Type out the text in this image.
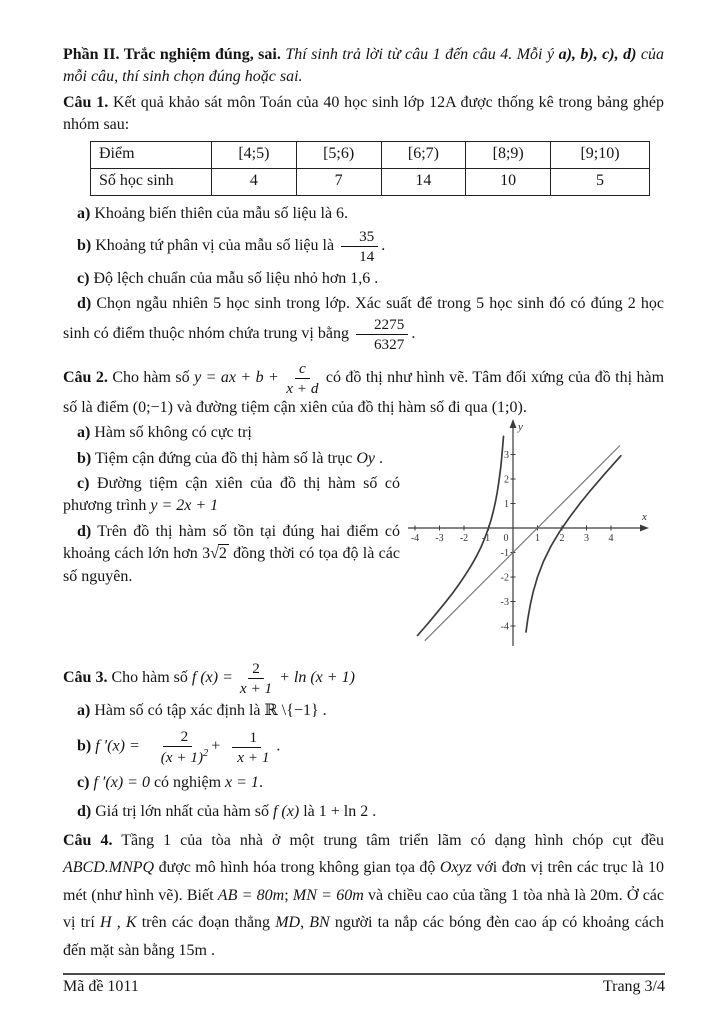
Phần II. Trắc nghiệm đúng, sai. Thí sinh trả lời từ câu 1 đến câu 4. Mỗi ý a), b), c), d) của mỗi câu, thí sinh chọn đúng hoặc sai.

Câu 1. Kết quả khảo sát môn Toán của 40 học sinh lớp 12A được thống kê trong bảng ghép nhóm sau:

Điểm	[4;5)	[5;6)	[6;7)	[8;9)	[9;10)
Số học sinh	4	7	14	10	5
a) Khoảng biến thiên của mẫu số liệu là 6.
b) Khoảng tứ phân vị của mẫu số liệu là $\frac{35}{14}$ .
c) Độ lệch chuẩn của mẫu số liệu nhỏ hơn 1,6 .
d) Chọn ngẫu nhiên 5 học sinh trong lớp. Xác suất để trong 5 học sinh đó có đúng 2 học sinh có điểm thuộc nhóm chứa trung vị bằng $\frac{2275}{6327}$ .

Câu 2. Cho hàm số y = ax + $b + \frac{c}{x + d}$ có đồ thị như hình vẽ. Tâm đối xứng của đồ thị hàm số là điểm (0;−1) và đường tiệm cận xiên của đồ thị hàm số đi qua (1;0).

a) Hàm số không có cực trị
b) Tiệm cận đứng của đồ thị hàm số là trục Oy .
c) Đường tiệm cận xiên của đồ thị hàm số có phương trình y = 2x + 1
d) Trên đồ thị hàm số tồn tại đúng hai điểm có khoảng cách lớn hơn 3√2 đồng thời có tọa độ là các số nguyên.
-4 -3 -2 -1	1 2 3 4
0
3
2
1
-1
-2
-3
-4
x
y

Câu 3. Cho hàm số f $(x) = \frac{2}{x + 1} + \ln (x + 1)$

a) Hàm số có tập xác định là ℝ \{−1} .
b) f $'(x) = \frac{2}{(x + 1)^2} + \frac{1}{x + 1}$ .
c) f ′(x) = 0 có nghiệm x = 1.
d) Giá trị lớn nhất của hàm số f (x) là 1 + ln 2 .

Câu 4. Tầng 1 của tòa nhà ở một trung tâm triển lãm có dạng hình chóp cụt đều ABCD.MNPQ được mô hình hóa trong không gian tọa độ Oxyz với đơn vị trên các trục là 10 mét (như hình vẽ). Biết AB = 80m; MN = 60m và chiều cao của tầng 1 tòa nhà là 20m. Ở các vị trí H , K trên các đoạn thẳng MD, BN người ta nắp các bóng đèn cao áp có khoảng cách đến mặt sàn bằng 15m .

Mã đề 1011	Trang 3/4
